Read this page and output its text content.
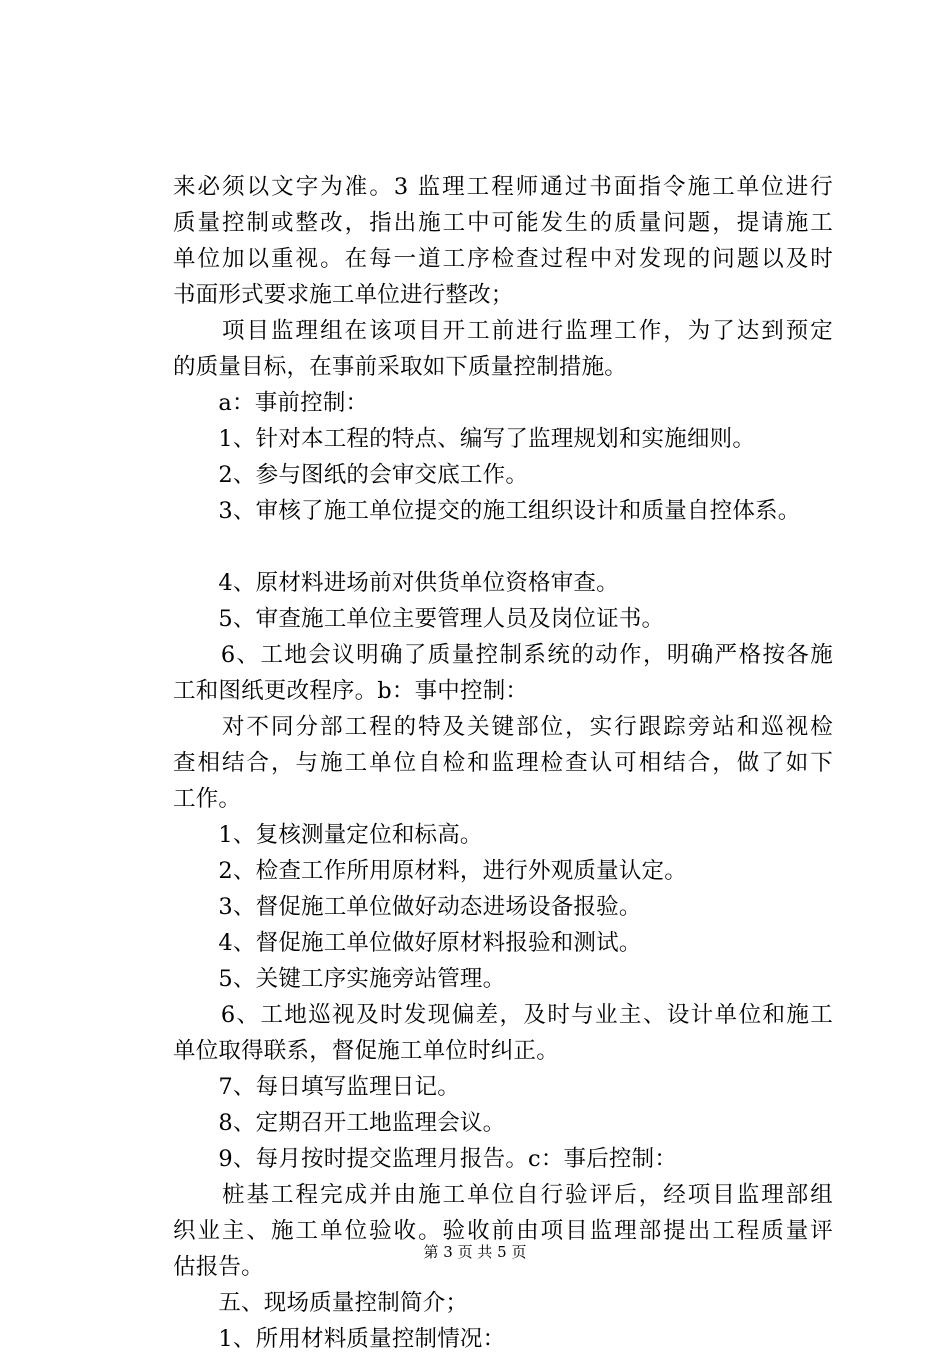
来必须以文字为准。3 监理工程师通过书面指令施工单位进行
质量控制或整改，指出施工中可能发生的质量问题，提请施工
单位加以重视。在每一道工序检查过程中对发现的问题以及时
书面形式要求施工单位进行整改；
　　项目监理组在该项目开工前进行监理工作，为了达到预定
的质量目标，在事前采取如下质量控制措施。
　　a：事前控制：
　　1、针对本工程的特点、编写了监理规划和实施细则。
　　2、参与图纸的会审交底工作。
　　3、审核了施工单位提交的施工组织设计和质量自控体系。
　　4、原材料进场前对供货单位资格审查。
　　5、审查施工单位主要管理人员及岗位证书。
　　6、工地会议明确了质量控制系统的动作，明确严格按各施
工和图纸更改程序。b：事中控制：
　　对不同分部工程的特及关键部位，实行跟踪旁站和巡视检
查相结合，与施工单位自检和监理检查认可相结合，做了如下
工作。
　　1、复核测量定位和标高。
　　2、检查工作所用原材料，进行外观质量认定。
　　3、督促施工单位做好动态进场设备报验。
　　4、督促施工单位做好原材料报验和测试。
　　5、关键工序实施旁站管理。
　　6、工地巡视及时发现偏差，及时与业主、设计单位和施工
单位取得联系，督促施工单位时纠正。
　　7、每日填写监理日记。
　　8、定期召开工地监理会议。
　　9、每月按时提交监理月报告。c：事后控制：
　　桩基工程完成并由施工单位自行验评后，经项目监理部组
织业主、施工单位验收。验收前由项目监理部提出工程质量评
估报告。
　　五、现场质量控制简介；
　　1、所用材料质量控制情况：
第 3 页 共 5 页
